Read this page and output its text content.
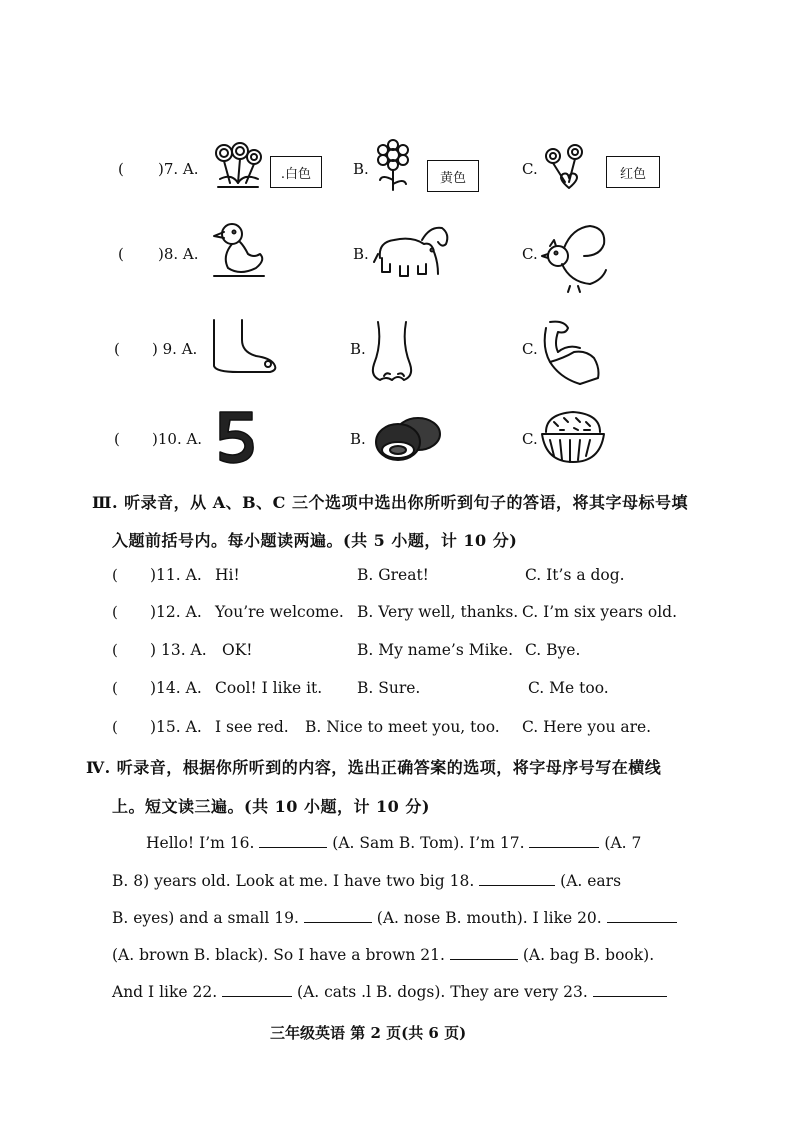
( )7. A.	.白色	B.	黄色	C.	红色
( )8. A.	B.	C.
( ) 9. A.	B.	C.
( )10. A.	B.	C.
Ⅲ. 听录音，从 A、B、C 三个选项中选出你所听到句子的答语，将其字母标号填
入题前括号内。每小题读两遍。(共 5 小题，计 10 分)
( )11. A. Hi!	B. Great!	C. It’s a dog.
( )12. A. You’re welcome. B. Very well, thanks. C. I’m six years old.
( ) 13. A. OK!	B. My name’s Mike. C. Bye.
( )14. A. Cool! I like it. B. Sure.	C. Me too.
( )15. A. I see red. B. Nice to meet you, too. C. Here you are.
Ⅳ. 听录音，根据你所听到的内容，选出正确答案的选项，将字母序号写在横线
上。短文读三遍。(共 10 小题，计 10 分)
Hello! I’m 16.	(A. Sam B. Tom). I’m 17.	(A. 7
B. 8) years old. Look at me. I have two big 18.	(A. ears
B. eyes) and a small 19.	(A. nose B. mouth). I like 20.
(A. brown B. black). So I have a brown 21.	(A. bag B. book).
And I like 22.	(A. cats .l B. dogs). They are very 23.
三年级英语 第 2 页(共 6 页)
